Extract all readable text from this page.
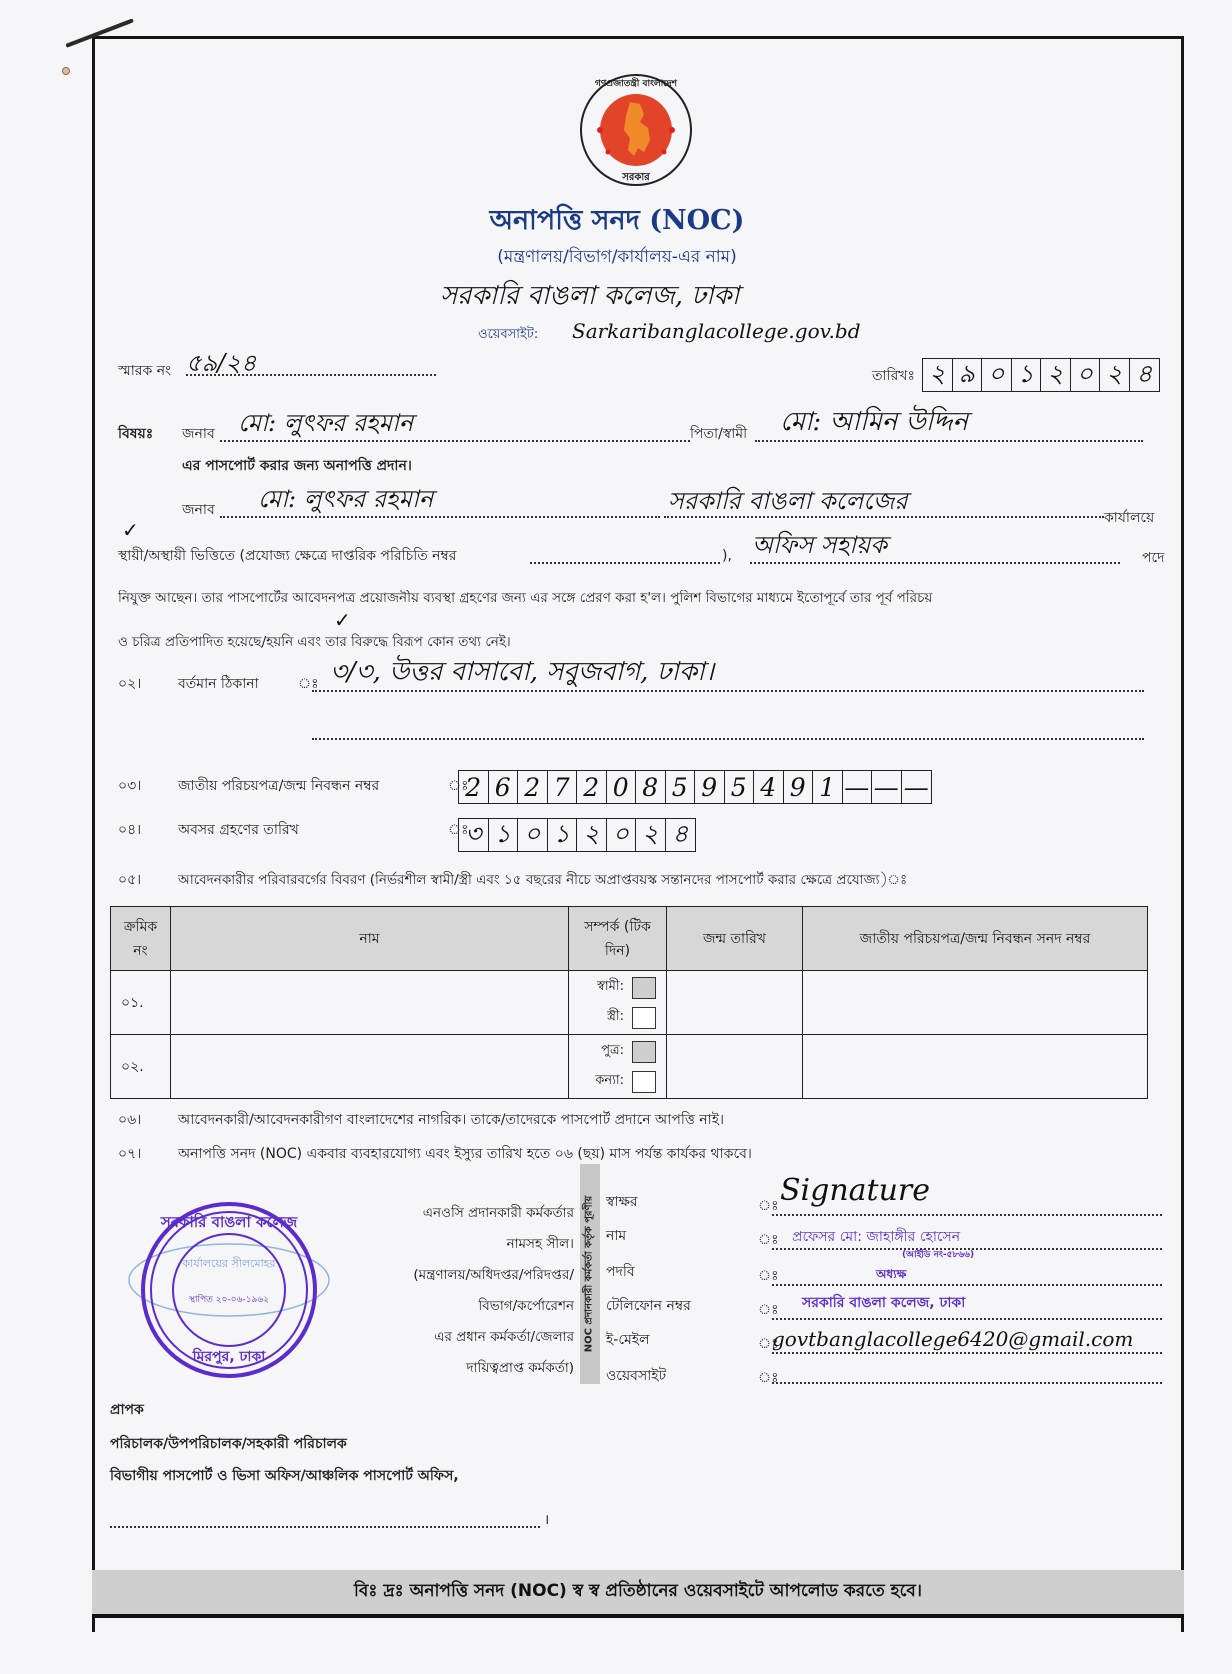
গণপ্রজাতন্ত্রী বাংলাদেশ
সরকার
অনাপত্তি সনদ (NOC)
(মন্ত্রণালয়/বিভাগ/কার্যালয়-এর নাম)
সরকারি বাঙলা কলেজ, ঢাকা
ওয়েবসাইট: Sarkaribanglacollege.gov.bd
স্মারক নং ৫৯/২৪	তারিখঃ ২ ৯ ০ ১ ২ ০ ২ ৪
বিষয়ঃ জনাব মো: লুৎফর রহমান	পিতা/স্বামী মো: আমিন উদ্দিন
এর পাসপোর্ট করার জন্য অনাপত্তি প্রদান।
জনাব মো: লুৎফর রহমান	সরকারি বাঙলা কলেজের
কার্যালয়ে
✓
স্থায়ী/অস্থায়ী ভিত্তিতে (প্রযোজ্য ক্ষেত্রে দাপ্তরিক পরিচিতি নম্বর	), অফিস সহায়ক	পদে
নিযুক্ত আছেন। তার পাসপোর্টের আবেদনপত্র প্রয়োজনীয় ব্যবস্থা গ্রহণের জন্য এর সঙ্গে প্রেরণ করা হ'ল। পুলিশ বিভাগের মাধ্যমে ইতোপূর্বে তার পূর্ব পরিচয়
✓
ও চরিত্র প্রতিপাদিত হয়েছে/হয়নি এবং তার বিরুদ্ধে বিরূপ কোন তথ্য নেই।
০২।	বর্তমান ঠিকানা	ঃ ৩/৩, উত্তর বাসাবো, সবুজবাগ, ঢাকা।
০৩।	জাতীয় পরিচয়পত্র/জন্ম নিবন্ধন নম্বর	ঃ
2 6 2 7 2 0 8 5 9 5 4 9 1 — — —
০৪।	অবসর গ্রহণের তারিখ	ঃ
৩ ১ ০ ১ ২ ০ ২ ৪
০৫।	আবেদনকারীর পরিবারবর্গের বিবরণ (নির্ভরশীল স্বামী/স্ত্রী এবং ১৫ বছরের নীচে অপ্রাপ্তবয়স্ক সন্তানদের পাসপোর্ট করার ক্ষেত্রে প্রযোজ্য)ঃ
ক্রমিক নং	নাম	সম্পর্ক (টিক দিন)	জন্ম তারিখ	জাতীয় পরিচয়পত্র/জন্ম নিবন্ধন সনদ নম্বর
০১.		স্বামী:
স্ত্রী:		

০২.		পুত্র:
কন্যা:		

০৬।	আবেদনকারী/আবেদনকারীগণ বাংলাদেশের নাগরিক। তাকে/তাদেরকে পাসপোর্ট প্রদানে আপত্তি নাই।
০৭।	অনাপত্তি সনদ (NOC) একবার ব্যবহারযোগ্য এবং ইস্যুর তারিখ হতে ০৬ (ছয়) মাস পর্যন্ত কার্যকর থাকবে।
সরকারি বাঙলা কলেজ
কার্যালয়ের সীলমোহর
স্থাপিত ২০-০৬-১৯৬২
মিরপুর, ঢাকা
এনওসি প্রদানকারী কর্মকর্তার
নামসহ সীল।
(মন্ত্রণালয়/অধিদপ্তর/পরিদপ্তর/
বিভাগ/কর্পোরেশন
এর প্রধান কর্মকর্তা/জেলার
দায়িত্বপ্রাপ্ত কর্মকর্তা)
NOC প্রদানকারী কর্মকর্তা কর্তৃক পূরণীয় স্বাক্ষর	ঃ Signature
নাম	ঃ প্রফেসর মো: জাহাঙ্গীর হোসেন
(আইডি নং-৫৮৬৬)
পদবি	ঃ	অধ্যক্ষ
টেলিফোন নম্বর	ঃ সরকারি বাঙলা কলেজ, ঢাকা
ই-মেইল	ঃ
govtbanglacollege6420@gmail.com
ওয়েবসাইট	ঃ
প্রাপক
পরিচালক/উপপরিচালক/সহকারী পরিচালক
বিভাগীয় পাসপোর্ট ও ভিসা অফিস/আঞ্চলিক পাসপোর্ট অফিস,
।
বিঃ দ্রঃ অনাপত্তি সনদ (NOC) স্ব স্ব প্রতিষ্ঠানের ওয়েবসাইটে আপলোড করতে হবে।
